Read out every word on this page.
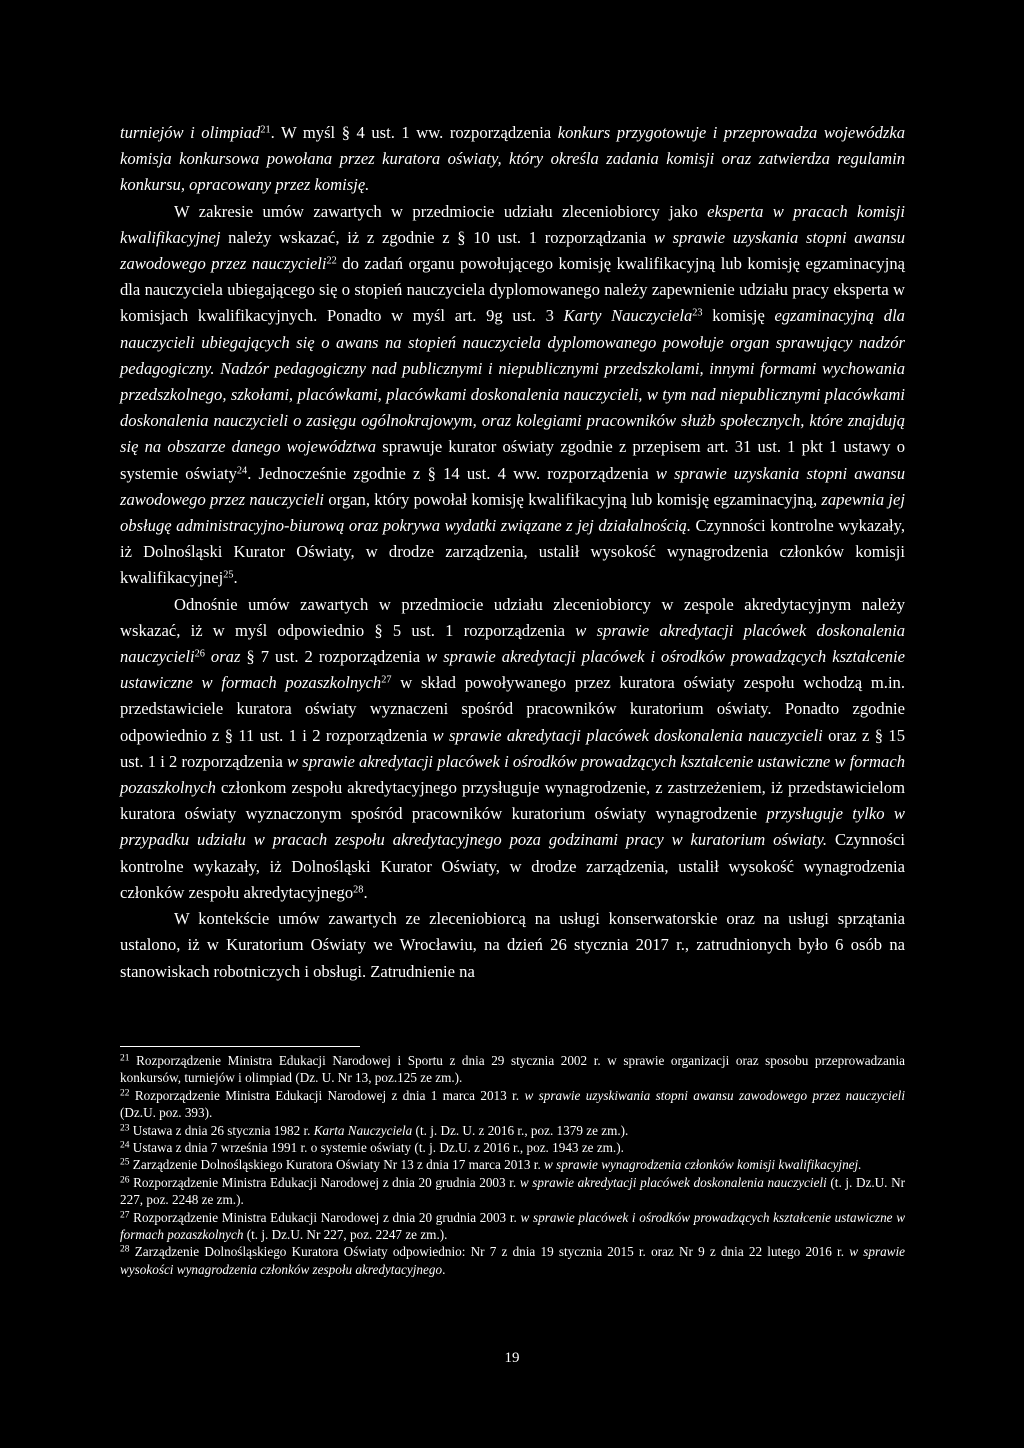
turniejów i olimpiad$^{21}$. W myśl § 4 ust. 1 ww. rozporządzenia konkurs przygotowuje i przeprowadza wojewódzka komisja konkursowa powołana przez kuratora oświaty, który określa zadania komisji oraz zatwierdza regulamin konkursu, opracowany przez komisję.

W zakresie umów zawartych w przedmiocie udziału zleceniobiorcy jako eksperta w pracach komisji kwalifikacyjnej należy wskazać, iż z zgodnie z § 10 ust. 1 rozporządzania w sprawie uzyskania stopni awansu zawodowego przez nauczycieli$^{22}$ do zadań organu powołującego komisję kwalifikacyjną lub komisję egzaminacyjną dla nauczyciela ubiegającego się o stopień nauczyciela dyplomowanego należy zapewnienie udziału pracy eksperta w komisjach kwalifikacyjnych. Ponadto w myśl art. 9g ust. 3 Karty Nauczyciela$^{23}$ komisję egzaminacyjną dla nauczycieli ubiegających się o awans na stopień nauczyciela dyplomowanego powołuje organ sprawujący nadzór pedagogiczny. Nadzór pedagogiczny nad publicznymi i niepublicznymi przedszkolami, innymi formami wychowania przedszkolnego, szkołami, placówkami, placówkami doskonalenia nauczycieli, w tym nad niepublicznymi placówkami doskonalenia nauczycieli o zasięgu ogólnokrajowym, oraz kolegiami pracowników służb społecznych, które znajdują się na obszarze danego województwa sprawuje kurator oświaty zgodnie z przepisem art. 31 ust. 1 pkt 1 ustawy o systemie oświaty$^{24}$. Jednocześnie zgodnie z § 14 ust. 4 ww. rozporządzenia w sprawie uzyskania stopni awansu zawodowego przez nauczycieli organ, który powołał komisję kwalifikacyjną lub komisję egzaminacyjną, zapewnia jej obsługę administracyjno-biurową oraz pokrywa wydatki związane z jej działalnością. Czynności kontrolne wykazały, iż Dolnośląski Kurator Oświaty, w drodze zarządzenia, ustalił wysokość wynagrodzenia członków komisji kwalifikacyjnej$^{25}$.

Odnośnie umów zawartych w przedmiocie udziału zleceniobiorcy w zespole akredytacyjnym należy wskazać, iż w myśl odpowiednio § 5 ust. 1 rozporządzenia w sprawie akredytacji placówek doskonalenia nauczycieli$^{26}$ oraz § 7 ust. 2 rozporządzenia w sprawie akredytacji placówek i ośrodków prowadzących kształcenie ustawiczne w formach pozaszkolnych$^{27}$ w skład powoływanego przez kuratora oświaty zespołu wchodzą m.in. przedstawiciele kuratora oświaty wyznaczeni spośród pracowników kuratorium oświaty. Ponadto zgodnie odpowiednio z § 11 ust. 1 i 2 rozporządzenia w sprawie akredytacji placówek doskonalenia nauczycieli oraz z § 15 ust. 1 i 2 rozporządzenia w sprawie akredytacji placówek i ośrodków prowadzących kształcenie ustawiczne w formach pozaszkolnych członkom zespołu akredytacyjnego przysługuje wynagrodzenie, z zastrzeżeniem, iż przedstawicielom kuratora oświaty wyznaczonym spośród pracowników kuratorium oświaty wynagrodzenie przysługuje tylko w przypadku udziału w pracach zespołu akredytacyjnego poza godzinami pracy w kuratorium oświaty. Czynności kontrolne wykazały, iż Dolnośląski Kurator Oświaty, w drodze zarządzenia, ustalił wysokość wynagrodzenia członków zespołu akredytacyjnego$^{28}$.

W kontekście umów zawartych ze zleceniobiorcą na usługi konserwatorskie oraz na usługi sprzątania ustalono, iż w Kuratorium Oświaty we Wrocławiu, na dzień 26 stycznia 2017 r., zatrudnionych było 6 osób na stanowiskach robotniczych i obsługi. Zatrudnienie na

$^{21}$ Rozporządzenie Ministra Edukacji Narodowej i Sportu z dnia 29 stycznia 2002 r. w sprawie organizacji oraz sposobu przeprowadzania konkursów, turniejów i olimpiad (Dz. U. Nr 13, poz.125 ze zm.).

$^{22}$ Rozporządzenie Ministra Edukacji Narodowej z dnia 1 marca 2013 r. w sprawie uzyskiwania stopni awansu zawodowego przez nauczycieli (Dz.U. poz. 393).

$^{23}$ Ustawa z dnia 26 stycznia 1982 r. Karta Nauczyciela (t. j. Dz. U. z 2016 r., poz. 1379 ze zm.).

$^{24}$ Ustawa z dnia 7 września 1991 r. o systemie oświaty (t. j. Dz.U. z 2016 r., poz. 1943 ze zm.).

$^{25}$ Zarządzenie Dolnośląskiego Kuratora Oświaty Nr 13 z dnia 17 marca 2013 r. w sprawie wynagrodzenia członków komisji kwalifikacyjnej.

$^{26}$ Rozporządzenie Ministra Edukacji Narodowej z dnia 20 grudnia 2003 r. w sprawie akredytacji placówek doskonalenia nauczycieli (t. j. Dz.U. Nr 227, poz. 2248 ze zm.).

$^{27}$ Rozporządzenie Ministra Edukacji Narodowej z dnia 20 grudnia 2003 r. w sprawie placówek i ośrodków prowadzących kształcenie ustawiczne w formach pozaszkolnych (t. j. Dz.U. Nr 227, poz. 2247 ze zm.).

$^{28}$ Zarządzenie Dolnośląskiego Kuratora Oświaty odpowiednio: Nr 7 z dnia 19 stycznia 2015 r. oraz Nr 9 z dnia 22 lutego 2016 r. w sprawie wysokości wynagrodzenia członków zespołu akredytacyjnego.

19
